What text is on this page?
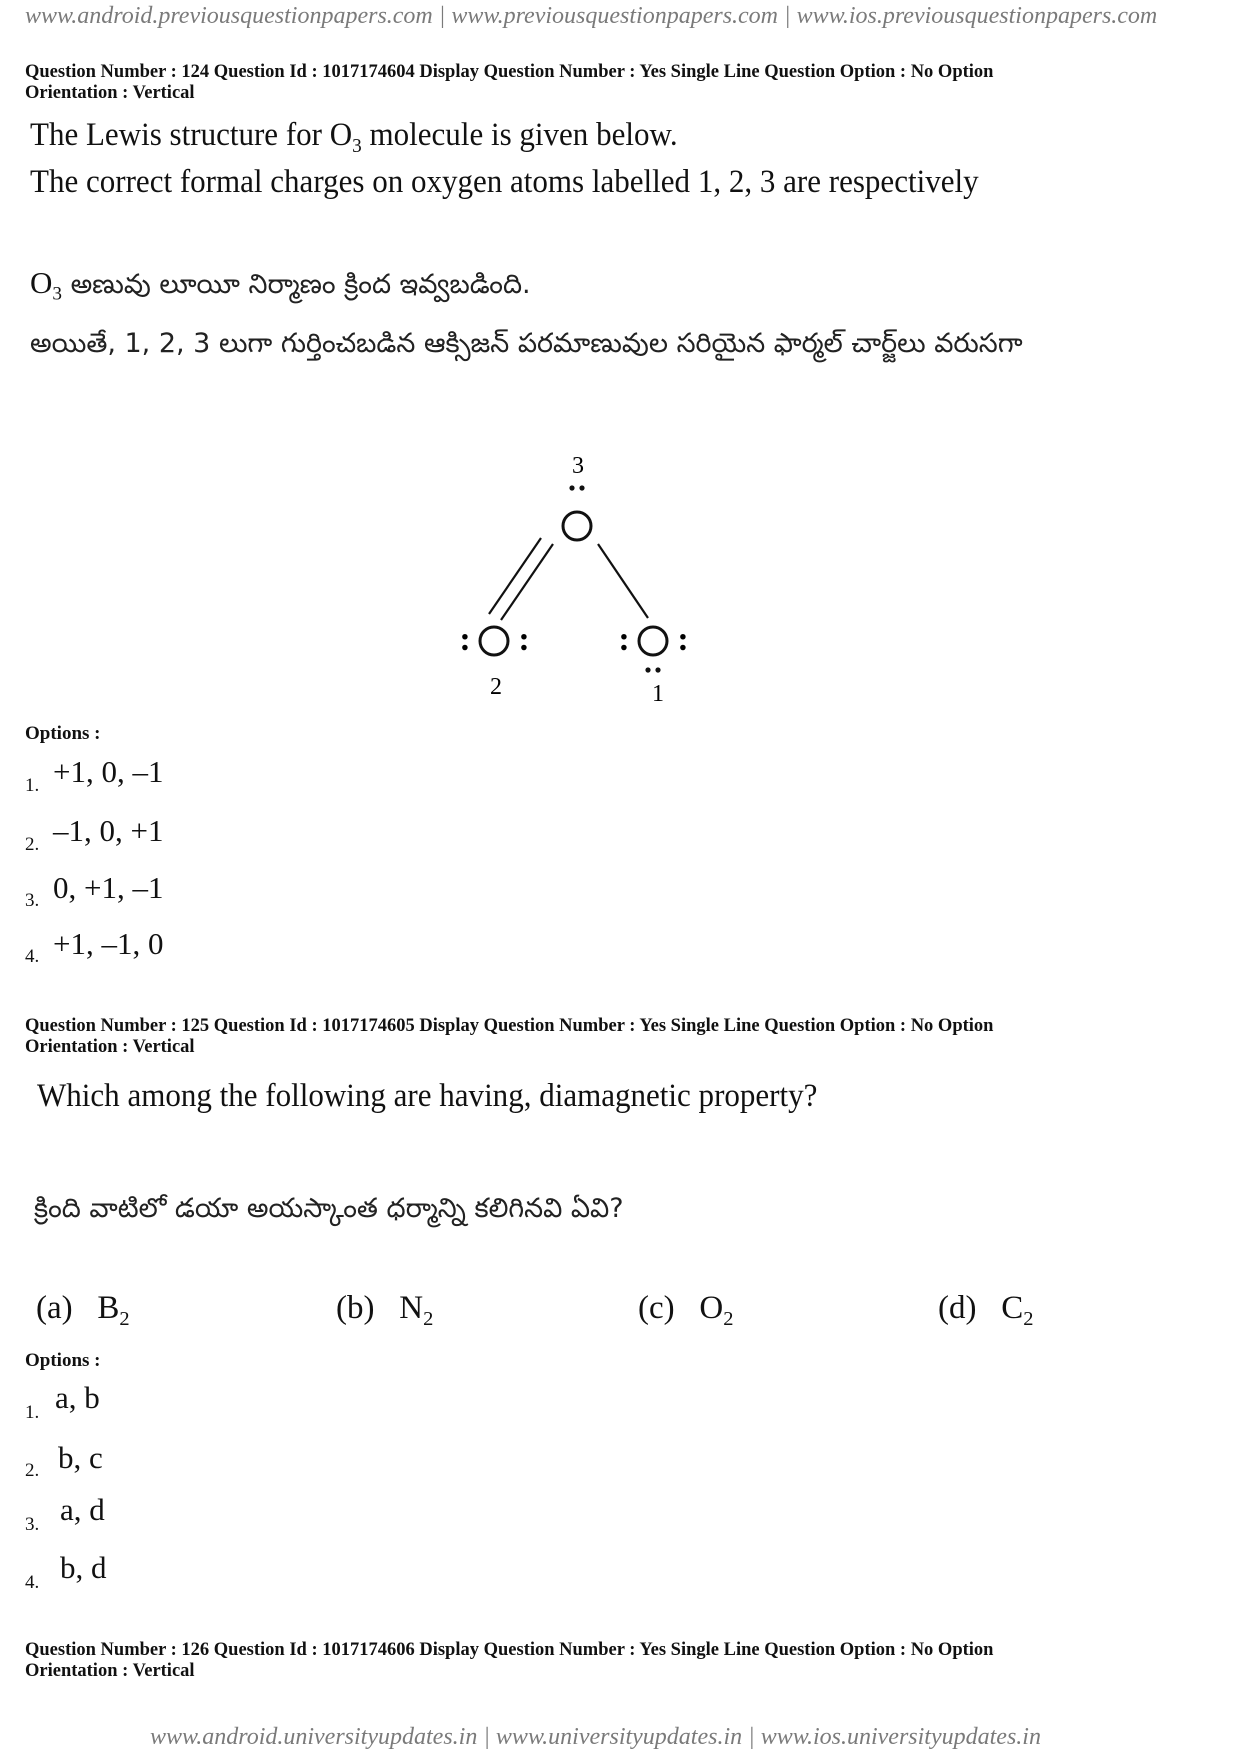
www.android.previousquestionpapers.com | www.previousquestionpapers.com | www.ios.previousquestionpapers.com
Question Number : 124 Question Id : 1017174604 Display Question Number : Yes Single Line Question Option : No Option
Orientation : Vertical
The Lewis structure for $O_3$ molecule is given below.
The correct formal charges on oxygen atoms labelled 1, 2, 3 are respectively
$O_3$ అణువు లూయీ నిర్మాణం క్రింద ఇవ్వబడింది.
అయితే, 1, 2, 3 లుగా గుర్తించబడిన ఆక్సిజన్ పరమాణువుల సరియైన ఫార్మల్ చార్జ్‌లు వరుసగా
3
: :
2
: :
1
Options :
1. +1, 0, –1
2. –1, 0, +1
3. 0, +1, –1
4. +1, –1, 0
Question Number : 125 Question Id : 1017174605 Display Question Number : Yes Single Line Question Option : No Option
Orientation : Vertical
Which among the following are having, diamagnetic property?
క్రింది వాటిలో డయా అయస్కాంత ధర్మాన్ని కలిగినవి ఏవి?
(a) $B_2$	(b) $N_2$	(c) $O_2$	(d) $C_2$
Options :
1. a, b
2. b, c
3. a, d
4. b, d
Question Number : 126 Question Id : 1017174606 Display Question Number : Yes Single Line Question Option : No Option
Orientation : Vertical
www.android.universityupdates.in | www.universityupdates.in | www.ios.universityupdates.in
